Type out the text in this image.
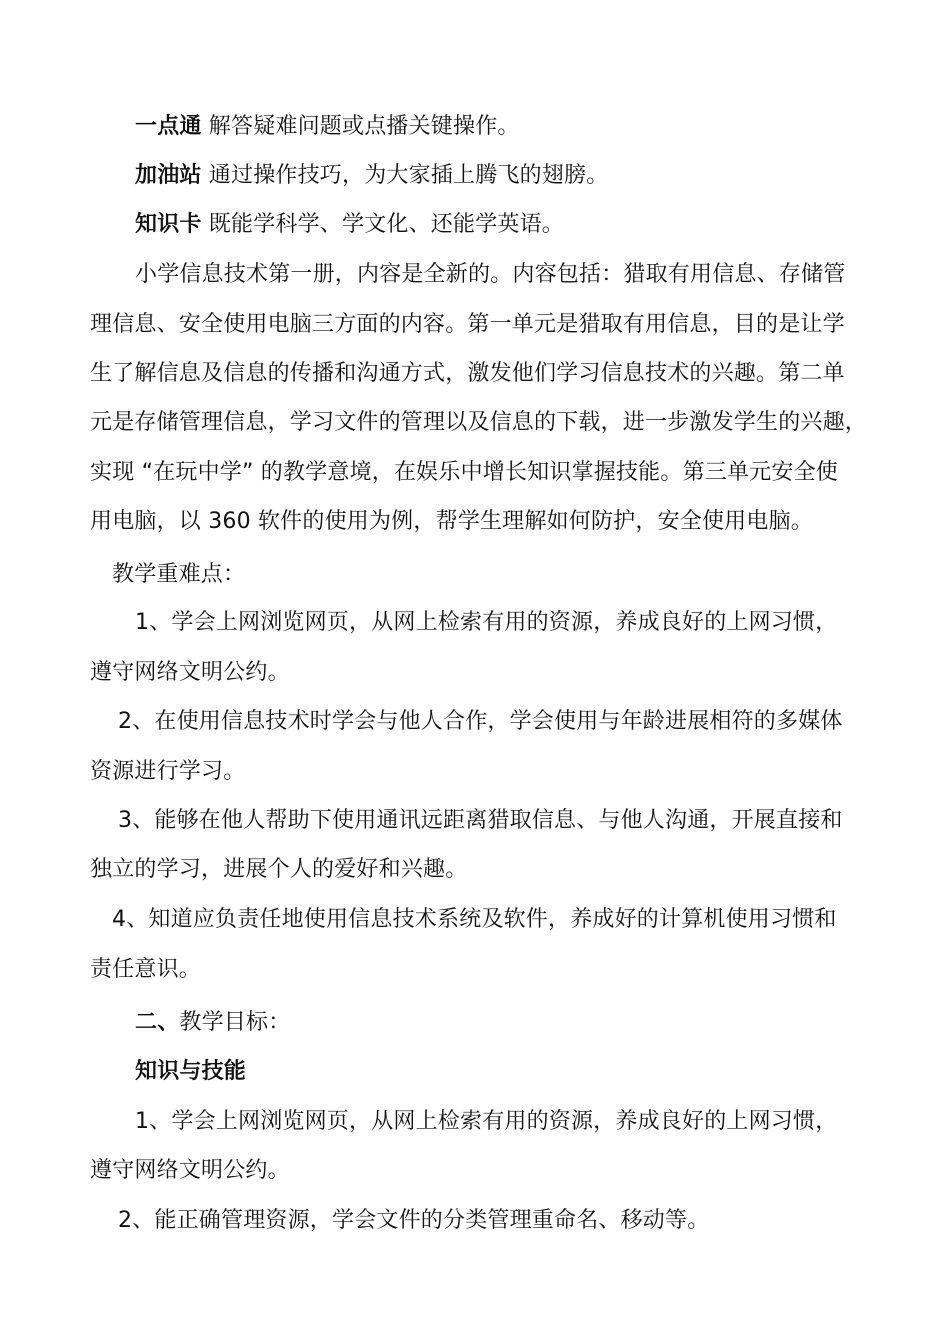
一点通 解答疑难问题或点播关键操作。
加油站 通过操作技巧，为大家插上腾飞的翅膀。
知识卡 既能学科学、学文化、还能学英语。
小学信息技术第一册，内容是全新的。内容包括：猎取有用信息、存储管
理信息、安全使用电脑三方面的内容。第一单元是猎取有用信息，目的是让学
生了解信息及信息的传播和沟通方式，激发他们学习信息技术的兴趣。第二单
元是存储管理信息，学习文件的管理以及信息的下载，进一步激发学生的兴趣，
实现 “在玩中学” 的教学意境，在娱乐中增长知识掌握技能。第三单元安全使
用电脑，以 360 软件的使用为例，帮学生理解如何防护，安全使用电脑。
教学重难点：
1、学会上网浏览网页，从网上检索有用的资源，养成良好的上网习惯，
遵守网络文明公约。
2、在使用信息技术时学会与他人合作，学会使用与年龄进展相符的多媒体
资源进行学习。
3、能够在他人帮助下使用通讯远距离猎取信息、与他人沟通，开展直接和
独立的学习，进展个人的爱好和兴趣。
4、知道应负责任地使用信息技术系统及软件，养成好的计算机使用习惯和
责任意识。
二、教学目标：
知识与技能
1、学会上网浏览网页，从网上检索有用的资源，养成良好的上网习惯，
遵守网络文明公约。
2、能正确管理资源，学会文件的分类管理重命名、移动等。
